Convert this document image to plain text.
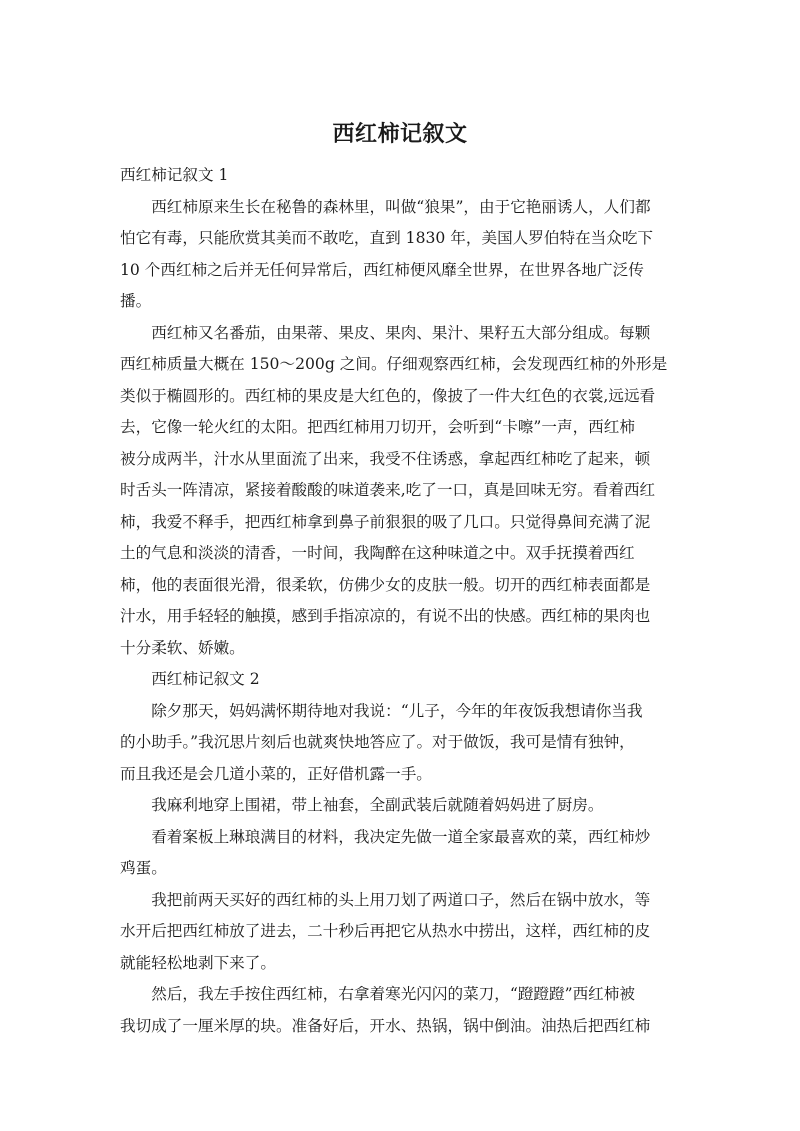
西红柿记叙文
西红柿记叙文 1
　　西红柿原来生长在秘鲁的森林里，叫做“狼果”，由于它艳丽诱人，人们都
怕它有毒，只能欣赏其美而不敢吃，直到 1830 年，美国人罗伯特在当众吃下
10 个西红柿之后并无任何异常后，西红柿便风靡全世界，在世界各地广泛传
播。
　　西红柿又名番茄，由果蒂、果皮、果肉、果汁、果籽五大部分组成。每颗
西红柿质量大概在 150～200g 之间。仔细观察西红柿，会发现西红柿的外形是
类似于椭圆形的。西红柿的果皮是大红色的，像披了一件大红色的衣裳,远远看
去，它像一轮火红的太阳。把西红柿用刀切开，会听到“卡嚓”一声，西红柿
被分成两半，汁水从里面流了出来，我受不住诱惑，拿起西红柿吃了起来，顿
时舌头一阵清凉，紧接着酸酸的味道袭来,吃了一口，真是回味无穷。看着西红
柿，我爱不释手，把西红柿拿到鼻子前狠狠的吸了几口。只觉得鼻间充满了泥
土的气息和淡淡的清香，一时间，我陶醉在这种味道之中。双手抚摸着西红
柿，他的表面很光滑，很柔软，仿佛少女的皮肤一般。切开的西红柿表面都是
汁水，用手轻轻的触摸，感到手指凉凉的，有说不出的快感。西红柿的果肉也
十分柔软、娇嫩。
　　西红柿记叙文 2
　　除夕那天，妈妈满怀期待地对我说：“儿子，今年的年夜饭我想请你当我
的小助手。”我沉思片刻后也就爽快地答应了。对于做饭，我可是情有独钟，
而且我还是会几道小菜的，正好借机露一手。
　　我麻利地穿上围裙，带上袖套，全副武装后就随着妈妈进了厨房。
　　看着案板上琳琅满目的材料，我决定先做一道全家最喜欢的菜，西红柿炒
鸡蛋。
　　我把前两天买好的西红柿的头上用刀划了两道口子，然后在锅中放水，等
水开后把西红柿放了进去，二十秒后再把它从热水中捞出，这样，西红柿的皮
就能轻松地剥下来了。
　　然后，我左手按住西红柿，右拿着寒光闪闪的菜刀，“蹬蹬蹬”西红柿被
我切成了一厘米厚的块。准备好后，开水、热锅，锅中倒油。油热后把西红柿
